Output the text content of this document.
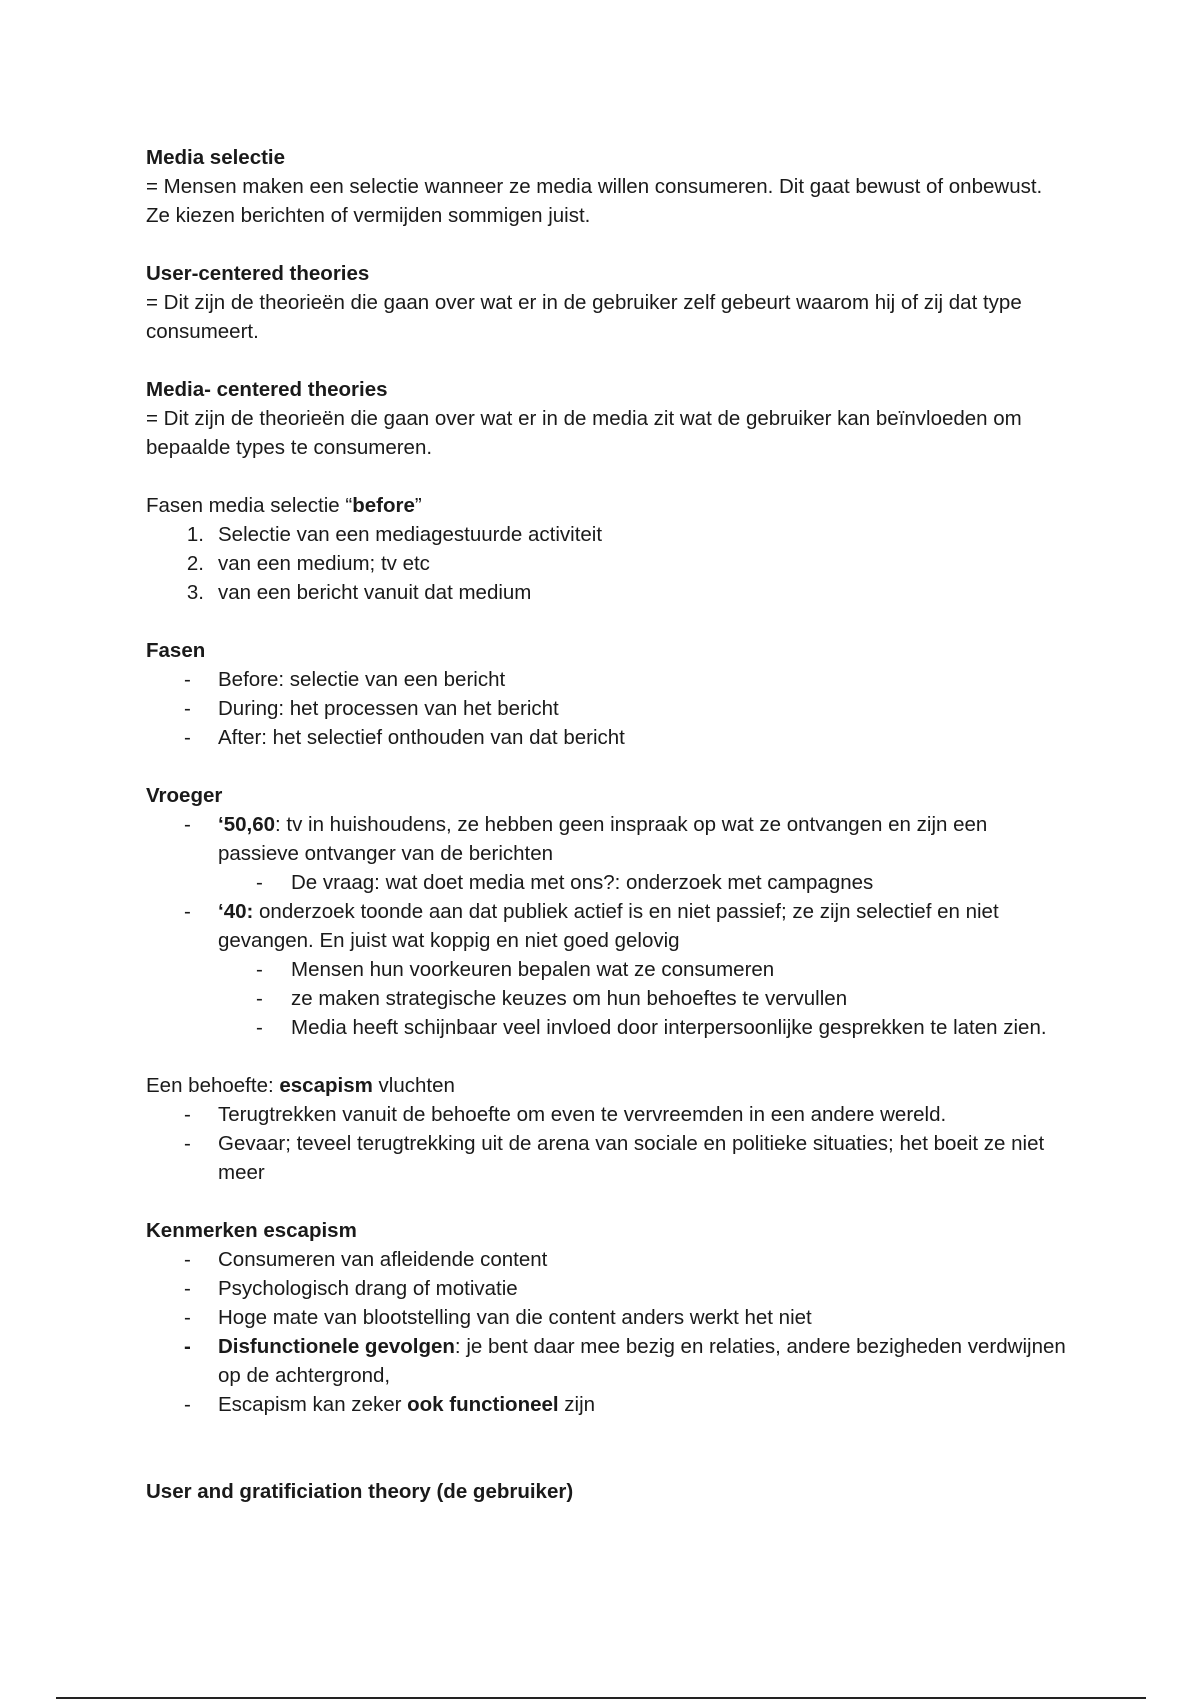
Media selectie
= Mensen maken een selectie wanneer ze media willen consumeren. Dit gaat bewust of onbewust. Ze kiezen berichten of vermijden sommigen juist.
User-centered theories
= Dit zijn de theorieën die gaan over wat er in de gebruiker zelf gebeurt waarom hij of zij dat type consumeert.
Media- centered theories
= Dit zijn de theorieën die gaan over wat er in de media zit wat de gebruiker kan beïnvloeden om bepaalde types te consumeren.
Fasen media selectie “before”
1. Selectie van een mediagestuurde activiteit
2. van een medium; tv etc
3. van een bericht vanuit dat medium
Fasen
- Before: selectie van een bericht
- During: het processen van het bericht
- After: het selectief onthouden van dat bericht
Vroeger
- ‘50,60: tv in huishoudens, ze hebben geen inspraak op wat ze ontvangen en zijn een passieve ontvanger van de berichten
- De vraag: wat doet media met ons?: onderzoek met campagnes
- ‘40: onderzoek toonde aan dat publiek actief is en niet passief; ze zijn selectief en niet gevangen. En juist wat koppig en niet goed gelovig
- Mensen hun voorkeuren bepalen wat ze consumeren
- ze maken strategische keuzes om hun behoeftes te vervullen
- Media heeft schijnbaar veel invloed door interpersoonlijke gesprekken te laten zien.
Een behoefte: escapism vluchten
- Terugtrekken vanuit de behoefte om even te vervreemden in een andere wereld.
- Gevaar; teveel terugtrekking uit de arena van sociale en politieke situaties; het boeit ze niet meer
Kenmerken escapism
- Consumeren van afleidende content
- Psychologisch drang of motivatie
- Hoge mate van blootstelling van die content anders werkt het niet
- Disfunctionele gevolgen: je bent daar mee bezig en relaties, andere bezigheden verdwijnen op de achtergrond,
- Escapism kan zeker ook functioneel zijn
User and gratificiation theory (de gebruiker)
